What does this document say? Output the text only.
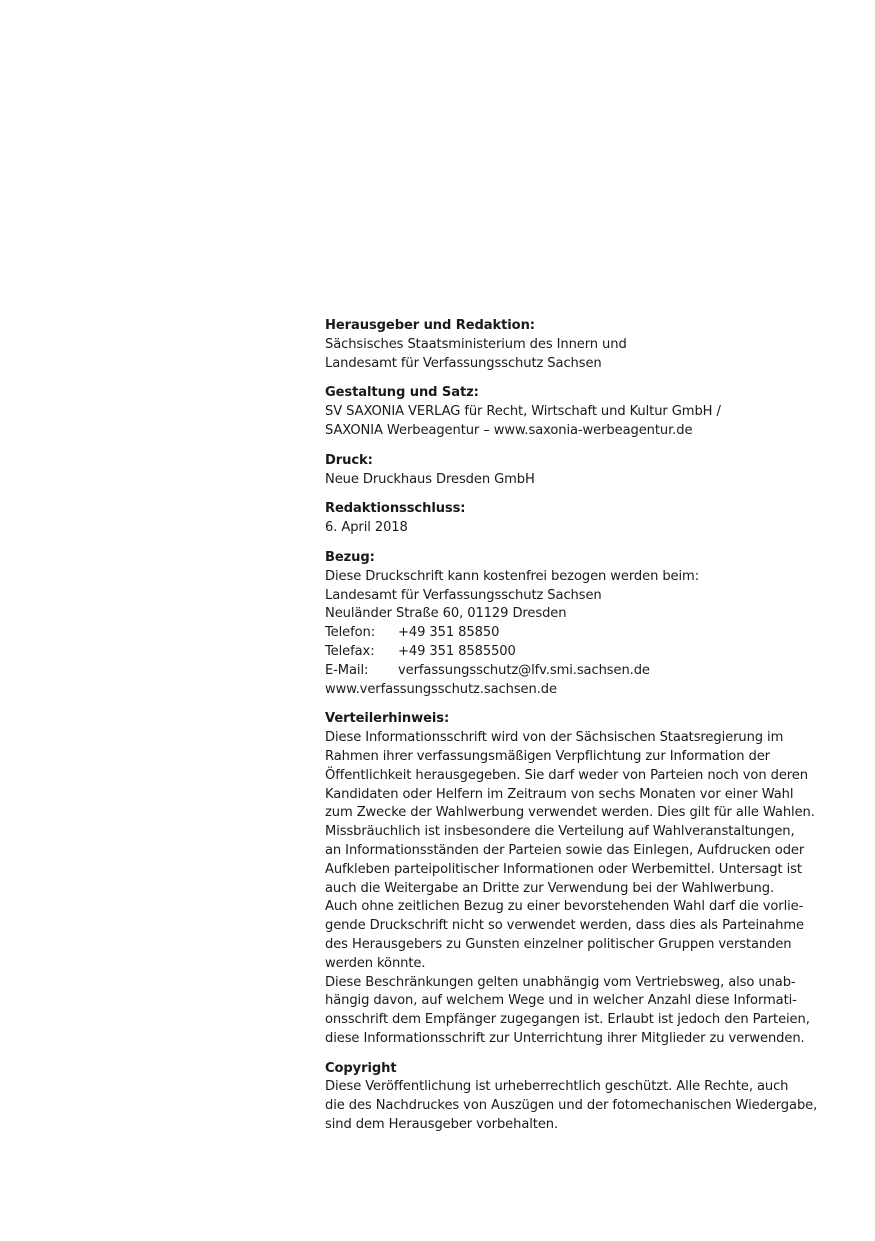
Herausgeber und Redaktion:

Sächsisches Staatsministerium des Innern und

Landesamt für Verfassungsschutz Sachsen

Gestaltung und Satz:

SV SAXONIA VERLAG für Recht, Wirtschaft und Kultur GmbH /

SAXONIA Werbeagentur – www.saxonia-werbeagentur.de

Druck:

Neue Druckhaus Dresden GmbH

Redaktionsschluss:

6. April 2018

Bezug:

Diese Druckschrift kann kostenfrei bezogen werden beim:

Landesamt für Verfassungsschutz Sachsen

Neuländer Straße 60, 01129 Dresden

Telefon:	+49 351 85850
Telefax:	+49 351 8585500
E-Mail:	verfassungsschutz@lfv.smi.sachsen.de

www.verfassungsschutz.sachsen.de

Verteilerhinweis:

Diese Informationsschrift wird von der Sächsischen Staatsregierung im

Rahmen ihrer verfassungsmäßigen Verpflichtung zur Information der

Öffentlichkeit herausgegeben. Sie darf weder von Parteien noch von deren

Kandidaten oder Helfern im Zeitraum von sechs Monaten vor einer Wahl

zum Zwecke der Wahlwerbung verwendet werden. Dies gilt für alle Wahlen.

Missbräuchlich ist insbesondere die Verteilung auf Wahlveranstaltungen,

an Informationsständen der Parteien sowie das Einlegen, Aufdrucken oder

Aufkleben parteipolitischer Informationen oder Werbemittel. Untersagt ist

auch die Weitergabe an Dritte zur Verwendung bei der Wahlwerbung.

Auch ohne zeitlichen Bezug zu einer bevorstehenden Wahl darf die vorlie-

gende Druckschrift nicht so verwendet werden, dass dies als Parteinahme

des Herausgebers zu Gunsten einzelner politischer Gruppen verstanden

werden könnte.

Diese Beschränkungen gelten unabhängig vom Vertriebsweg, also unab-

hängig davon, auf welchem Wege und in welcher Anzahl diese Informati-

onsschrift dem Empfänger zugegangen ist. Erlaubt ist jedoch den Parteien,

diese Informationsschrift zur Unterrichtung ihrer Mitglieder zu verwenden.

Copyright

Diese Veröffentlichung ist urheberrechtlich geschützt. Alle Rechte, auch

die des Nachdruckes von Auszügen und der fotomechanischen Wiedergabe,

sind dem Herausgeber vorbehalten.
